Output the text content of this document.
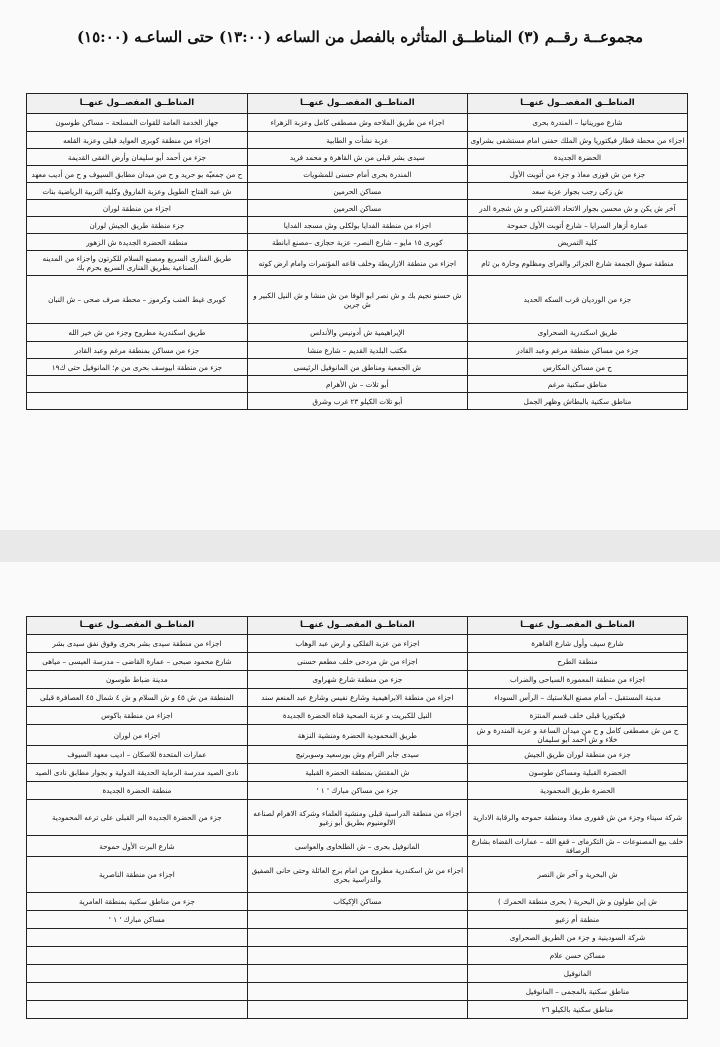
مجموعــة رقــم (٣) المناطــق المتأثره بالفصل من الساعه (١٣:٠٠) حتى الساعـه (١٥:٠٠)
المناطــق المفصــول عنهــا	المناطــق المفصــول عنهــا	المناطــق المفصــول عنهــا
شارع مورينانيا – المندرة بحرى	اجزاء من طريق الملاحه وش مصطفى كامل وعزبة الزهراء	جهاز الخدمة العامة للقوات المسلحة – مساكن طوسون
اجزاء من محطة قطار فيكتوريا وش الملك حفنى امام مستشفى بشراوى	عزبة نشأت و الطابية	اجزاء من منطقة كوبرى العوايد قبلى وعزبة القلعه
الحضرة الجديدة	سيدى بشر قبلى من ش القاهرة و محمد فريد	جزء من أحمد أبو سليمان وأرض الفقى القديمة
جزء من ش فوزى معاذ و جزء من أتوبت الأول	المندرة بحرى أمام حسنى للمشويات	ح من جمعيّه بو حريد و ح من ميدان مطابق السيوف و ح من أديب معهد
ش زكى رجب بجوار عزبة سعد	مساكن الحرمين	ش عبد الفتاح الطويل وعزبة الفاروق وكليه التربية الرياضية بنات
آخر ش يكن و ش محسن بجوار الاتحاد الاشتراكى و ش شجرة الدر	مساكن الحرمين	اجزاء من منطقة لوران
عمارة أزهار السرايا – شارع أتوبت الأول حموحة	اجزاء من منطقة الفدايا بولكلى وش مسجد الفدايا	جزء منطقة طريق الجيش لوران
كلية التمريض	كوبرى ١٥ مايو – شارع النصر– عزبة حجازى –مصنع ابانطة	منطقة الحضرة الجديدة ش الزهور
منطقة سوق الجمعة شارع الجزائر والفراى ومظلوم وحارة بن ثام	اجزاء من منطقة الازاريطة وخلف قاعه المؤتمرات وامام ارض كوته	طريق الفنارى السريع ومصنع السلام للكرتون واجزاء من المدينه الصناعية بطريق الفنارى السريع بحرم بك
جزء من الوردیان قرب السکه الحدید	ش حسنو نجيم بك و ش نصر ابو الوفا من ش منشا و ش النيل الكبير و ش جرين	كوبرى غيط العنب وكرموز – محطة صرف صحى – ش النبان
طريق اسكندرية الصحراوى	الإبراهيمية ش أدونيس والأندلس	طريق اسكندرية مطروح وجزء من ش خير الله
جزء من مساكن منطقة مرغم وعبد القادر	مكتب البلدية القديم – شارع منشا	جزء من مساكن بمنطقة مرغم وعبد القادر
ح من مساكن المكارس	ش الجمعية ومناطق من المانوفيل الرئيسى	جزء من منطقة ابيوسف بحرى من م؛ المانوفيل حتى ك١٩
مناطق سكنية مرغم	أبو تلات – ش الأهرام	
مناطق سكنية بالبطاش وظهر الجمل	أبو تلات الكيلو ٢٣ غرب وشرق	
المناطــق المفصــول عنهــا	المناطــق المفصــول عنهــا	المناطــق المفصــول عنهــا
شارع سيف وأول شارع القاهرة	اجزاء من عزبة الفلكى و ارض عبد الوهاب	اجزاء من منطقة سيدى بشر بحرى وفوق نفق سيدى بشر
منطقة الطرح	اجزاء من ش مردحى خلف مطعم حسنى	شارع محمود صبحى – عمارة القاضى – مدرسة العيسى – مياهى
اجزاء من منطقة المعمورة السياحى والضراب	جزء من منطقة شارع شهراوى	مدينة ضباط طوسون
مدينة المستقبل – أمام مصنع البلاستيك – الرأس السوداء	اجزاء من منطقة الابراهيمية وشارع نفيس وشارع عبد المنعم سند	المنطقة من ش ٤٥ و ش السلام و ش ٤ شمال ٤٥ العصافرة قبلى
فيكتوريا قبلى خلف قسم المنتزة	النيل للكبريت و عزبة الصحية قناة الحضرة الجديدة	اجزاء من منطقة باكوس
ح من ش مصطفى كامل و ح من ميدان الساعة و عزبة المندرة و ش خلاء و ش أحمد أبو سليمان	طريق المحمودية الحضرة ومنشية النزهة	اجزاء من لوران
جزء من منطقة لوران طريق الجيش	سيدى جابر الترام وش بورسعيد وسوبرتيج	عمارات المتحدة للاسكان – اديب معهد السيوف
الحضرة القبلية ومساكن طوسون	ش المقتش بمنطقة الحضرة القبلية	نادى الصيد مدرسة الرماية الحديقة الدولية و بجوار مطابق نادى الصيد
الحضرة طريق المحمودية	جزء من مساكن مبارك ' ١ '	منطقة الحضرة الجديدة
شركة سيناء وجزء من ش قفورى معاذ ومنطقة حموحه والرقابة الادارية	اجزاء من منطقة الدراسية قبلى ومنشية العلماء وشركة الاهرام لصناعه الالومنيوم بطريق أبو زغيو	جزء من الحضرة الجديدة البر القبلى على ترعه المحمودية
خلف بيع المصنوعات – ش التكرماى – قفع الله – عمارات القضاة بشارع الرصافة	المانوفيل بحرى – ش الطلخاوى والعواسى	شارع البرت الأول حموحة
ش البحرية و آخر ش النصر	اجزاء من ش اسكندرية مطروح من امام برج العائلة وحتى حانى الصفيق والدراسية بحرى	اجزاء من منطقة الناصرية
ش إبن طولون و ش البحرية ( بحرى منطقة الحمرك )	مساكن الإكيكاب	جزء من مناطق سكنية بمنطقة العامرية
منطقة أم زغيو		مساكن مبارك ' ١ '
شركة السودينية و جزء من الطريق الصحراوى		
مساكن حسن علام		
المانوفيل		
مناطق سكنية بالمجمى – المانوفيل		
مناطق سكنية بالكيلو ٢٦		
